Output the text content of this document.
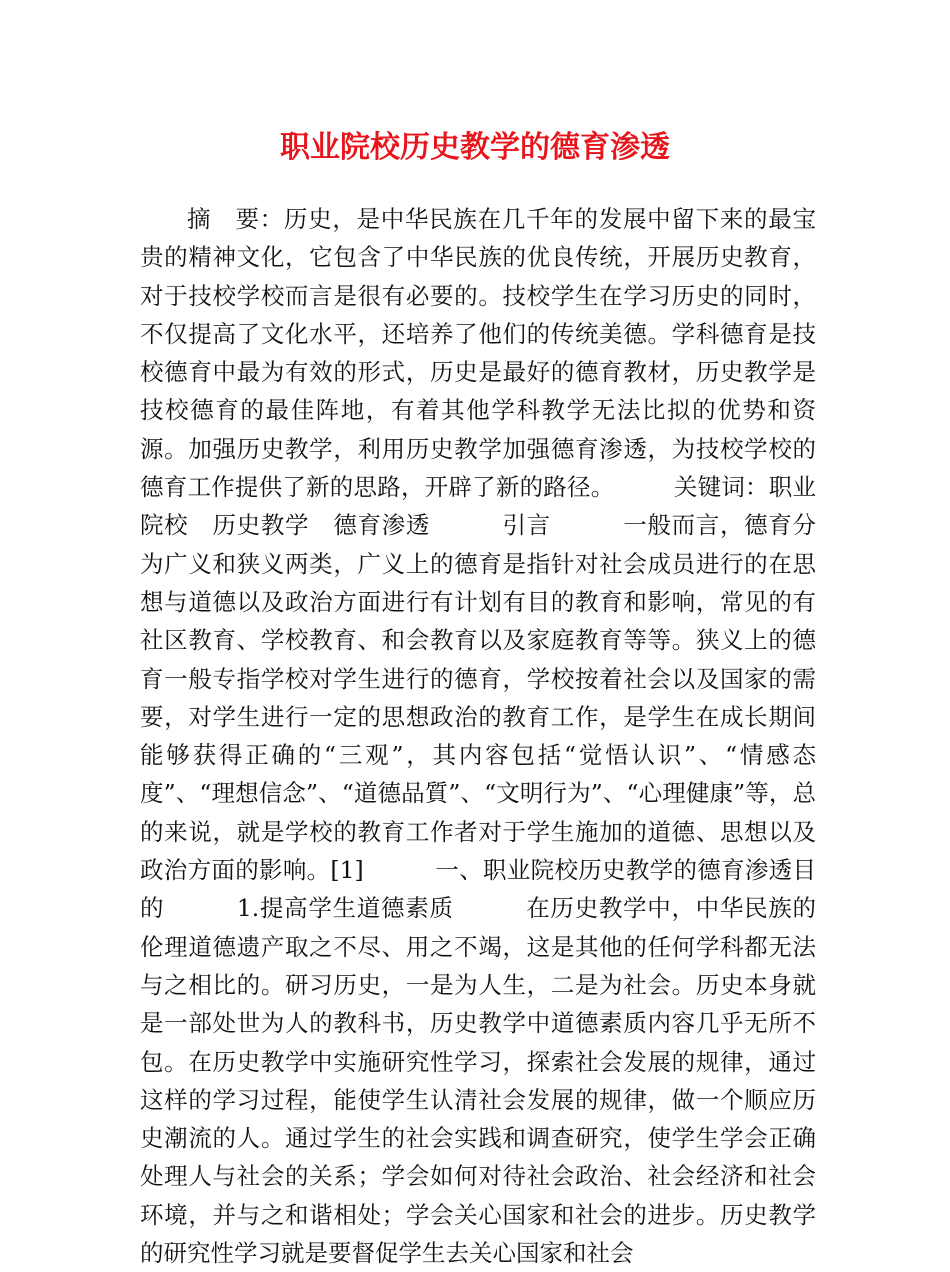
职业院校历史教学的德育渗透

摘　要：历史，是中华民族在几千年的发展中留下来的最宝贵的精神文化，它包含了中华民族的优良传统，开展历史教育，对于技校学校而言是很有必要的。技校学生在学习历史的同时，不仅提高了文化水平，还培养了他们的传统美德。学科德育是技校德育中最为有效的形式，历史是最好的德育教材，历史教学是技校德育的最佳阵地，有着其他学科教学无法比拟的优势和资源。加强历史教学，利用历史教学加强德育渗透，为技校学校的德育工作提供了新的思路，开辟了新的路径。　　　关键词：职业院校　历史教学　德育渗透　　　引言　　　一般而言，德育分为广义和狭义两类，广义上的德育是指针对社会成员进行的在思想与道德以及政治方面进行有计划有目的教育和影响，常见的有社区教育、学校教育、和会教育以及家庭教育等等。狭义上的德育一般专指学校对学生进行的德育，学校按着社会以及国家的需要，对学生进行一定的思想政治的教育工作，是学生在成长期间能够获得正确的“三观”，其内容包括“觉悟认识”、“情感态度”、“理想信念”、“道德品質”、“文明行为”、“心理健康”等，总的来说，就是学校的教育工作者对于学生施加的道德、思想以及政治方面的影响。[1]　　　一、职业院校历史教学的德育渗透目的　　　1.提高学生道德素质　　　在历史教学中，中华民族的伦理道德遗产取之不尽、用之不竭，这是其他的任何学科都无法与之相比的。研习历史，一是为人生，二是为社会。历史本身就是一部处世为人的教科书，历史教学中道德素质内容几乎无所不包。在历史教学中实施研究性学习，探索社会发展的规律，通过这样的学习过程，能使学生认清社会发展的规律，做一个顺应历史潮流的人。通过学生的社会实践和调查研究，使学生学会正确处理人与社会的关系；学会如何对待社会政治、社会经济和社会环境，并与之和谐相处；学会关心国家和社会的进步。历史教学的研究性学习就是要督促学生去关心国家和社会
